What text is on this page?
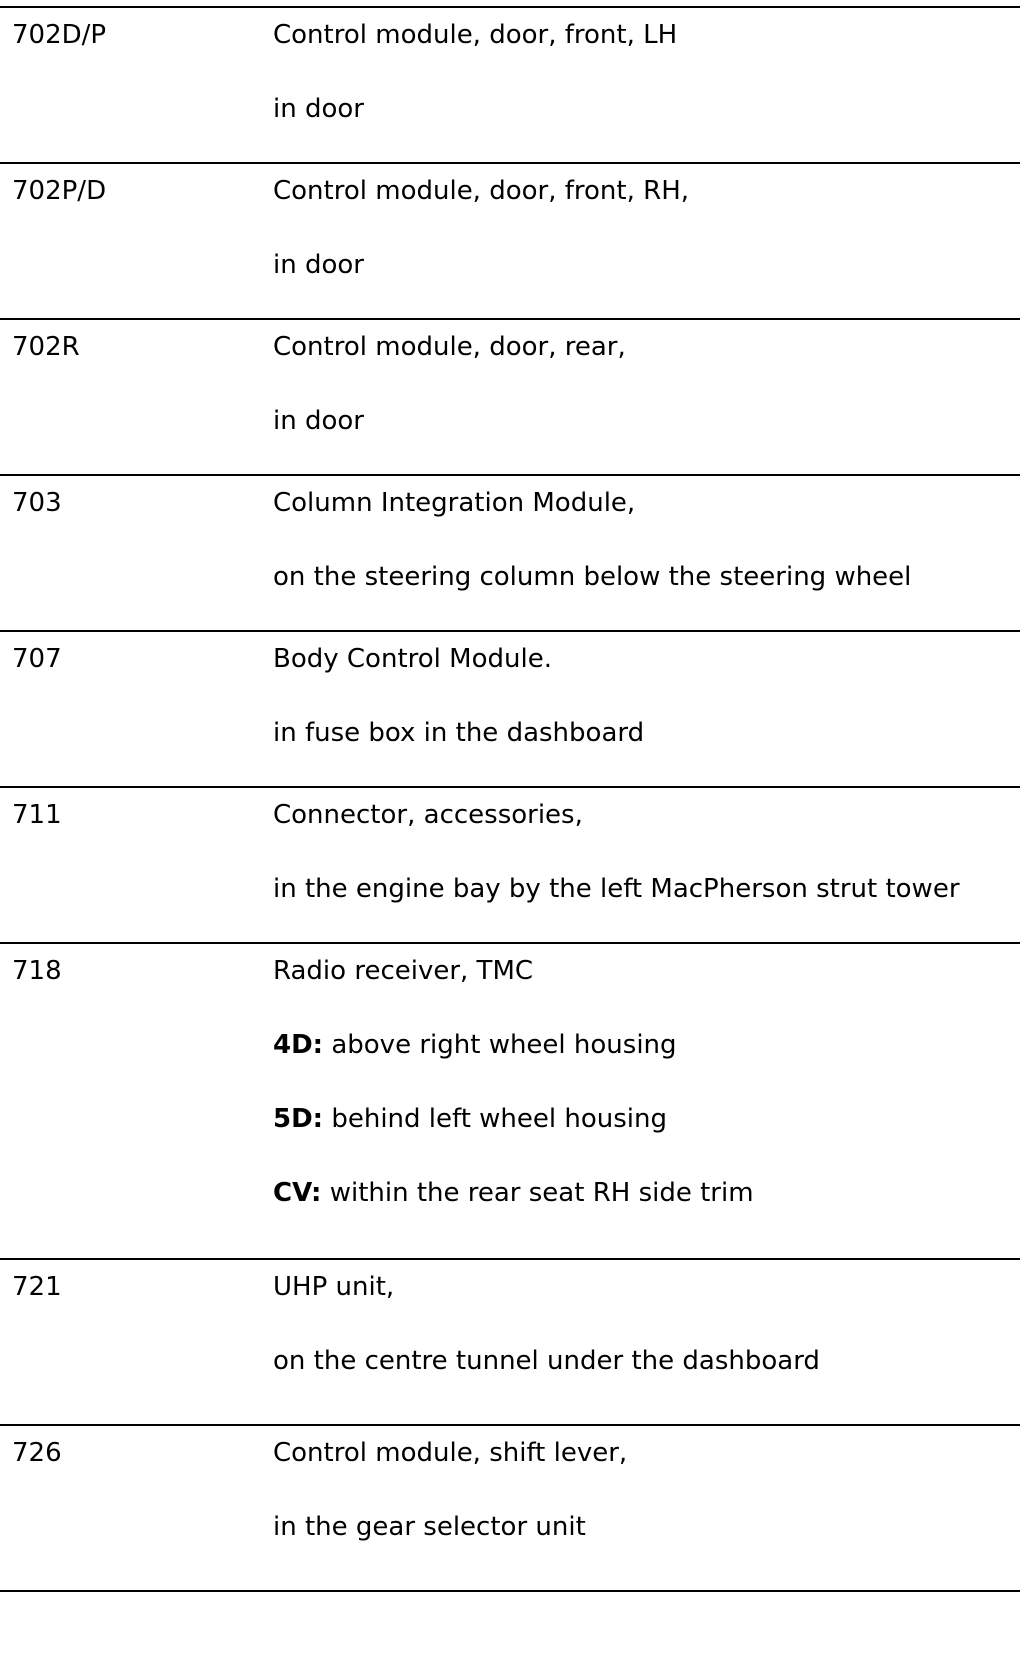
702D/P	Control module, door, front, LH
in door
702P/D	Control module, door, front, RH,
in door
702R	Control module, door, rear,
in door
703	Column Integration Module,
on the steering column below the steering wheel
707	Body Control Module.
in fuse box in the dashboard
711	Connector, accessories,
in the engine bay by the left MacPherson strut tower
718	Radio receiver, TMC
4D: above right wheel housing
5D: behind left wheel housing
CV: within the rear seat RH side trim
721	UHP unit,
on the centre tunnel under the dashboard
726	Control module, shift lever,
in the gear selector unit
